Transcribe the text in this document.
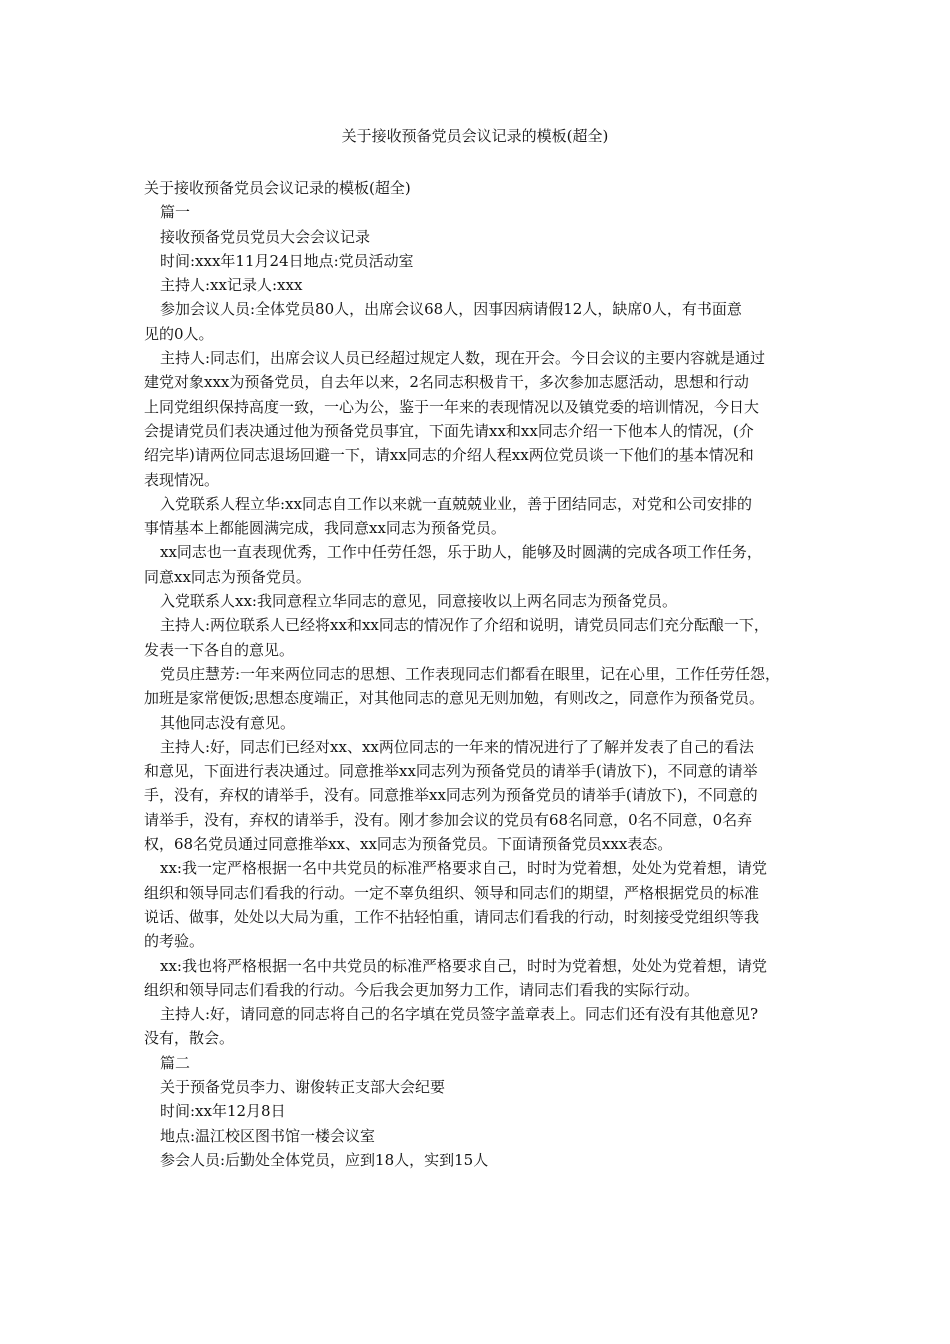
关于接收预备党员会议记录的模板(超全)
关于接收预备党员会议记录的模板(超全)
篇一
接收预备党员党员大会会议记录
时间:xxx年11月24日地点:党员活动室
主持人:xx记录人:xxx
参加会议人员:全体党员80人，出席会议68人，因事因病请假12人，缺席0人，有书面意
见的0人。
主持人:同志们，出席会议人员已经超过规定人数，现在开会。今日会议的主要内容就是通过
建党对象xxx为预备党员，自去年以来，2名同志积极肯干，多次参加志愿活动，思想和行动
上同党组织保持高度一致，一心为公，鉴于一年来的表现情况以及镇党委的培训情况，今日大
会提请党员们表决通过他为预备党员事宜，下面先请xx和xx同志介绍一下他本人的情况，(介
绍完毕)请两位同志退场回避一下，请xx同志的介绍人程xx两位党员谈一下他们的基本情况和
表现情况。
入党联系人程立华:xx同志自工作以来就一直兢兢业业，善于团结同志，对党和公司安排的
事情基本上都能圆满完成，我同意xx同志为预备党员。
xx同志也一直表现优秀，工作中任劳任怨，乐于助人，能够及时圆满的完成各项工作任务，
同意xx同志为预备党员。
入党联系人xx:我同意程立华同志的意见，同意接收以上两名同志为预备党员。
主持人:两位联系人已经将xx和xx同志的情况作了介绍和说明，请党员同志们充分酝酿一下，
发表一下各自的意见。
党员庄慧芳:一年来两位同志的思想、工作表现同志们都看在眼里，记在心里，工作任劳任怨，
加班是家常便饭;思想态度端正，对其他同志的意见无则加勉，有则改之，同意作为预备党员。
其他同志没有意见。
主持人:好，同志们已经对xx、xx两位同志的一年来的情况进行了了解并发表了自己的看法
和意见，下面进行表决通过。同意推举xx同志列为预备党员的请举手(请放下)，不同意的请举
手，没有，弃权的请举手，没有。同意推举xx同志列为预备党员的请举手(请放下)，不同意的
请举手，没有，弃权的请举手，没有。刚才参加会议的党员有68名同意，0名不同意，0名弃
权，68名党员通过同意推举xx、xx同志为预备党员。下面请预备党员xxx表态。
xx:我一定严格根据一名中共党员的标准严格要求自己，时时为党着想，处处为党着想，请党
组织和领导同志们看我的行动。一定不辜负组织、领导和同志们的期望，严格根据党员的标准
说话、做事，处处以大局为重，工作不拈轻怕重，请同志们看我的行动，时刻接受党组织等我
的考验。
xx:我也将严格根据一名中共党员的标准严格要求自己，时时为党着想，处处为党着想，请党
组织和领导同志们看我的行动。今后我会更加努力工作，请同志们看我的实际行动。
主持人:好，请同意的同志将自己的名字填在党员签字盖章表上。同志们还有没有其他意见?
没有，散会。
篇二
关于预备党员李力、谢俊转正支部大会纪要
时间:xx年12月8日
地点:温江校区图书馆一楼会议室
参会人员:后勤处全体党员，应到18人，实到15人
